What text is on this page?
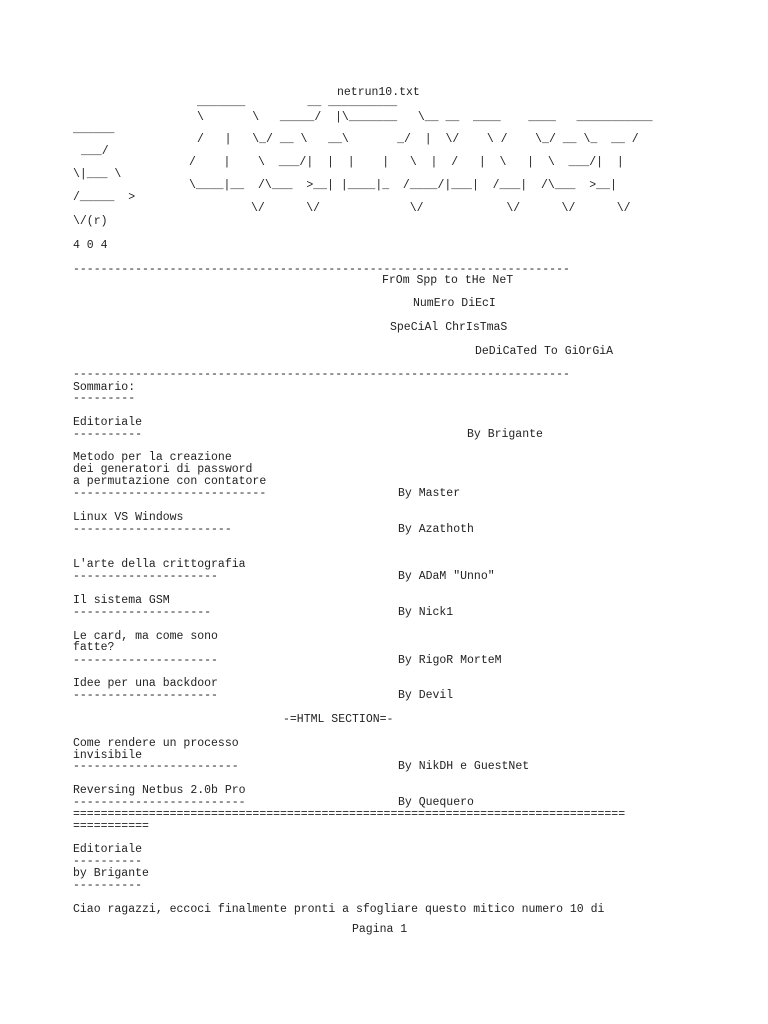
netrun10.txt
_______         __ __________
\       \   _____/  |\_______   \__ __  ____    ____   ___________
______
/   |   \_/ __ \   __\       _/  |  \/    \ /    \_/ __ \_  __ /
___/
/    |    \  ___/|  |  |    |   \  |  /   |  \   |  \  ___/|  |
\|___ \
\____|__  /\___  >__| |____|_  /____/|___|  /___|  /\___  >__|
/_____  >
\/      \/             \/            \/      \/      \/
\/(r)
4 0 4
------------------------------------------------------------------------
FrOm Spp to tHe NeT
NumEro DiEcI
SpeCiAl ChrIsTmaS
DeDiCaTed To GiOrGiA
------------------------------------------------------------------------
Sommario:
---------
Editoriale
----------	By Brigante
Metodo per la creazione
dei generatori di password
a permutazione con contatore
----------------------------	By Master
Linux VS Windows
-----------------------	By Azathoth
L'arte della crittografia
---------------------	By ADaM "Unno"
Il sistema GSM
--------------------	By Nick1
Le card, ma come sono
fatte?
---------------------	By RigoR MorteM
Idee per una backdoor
---------------------	By Devil
-=HTML SECTION=-
Come rendere un processo
invisibile
------------------------	By NikDH e GuestNet
Reversing Netbus 2.0b Pro
-------------------------	By Quequero
================================================================================
===========
Editoriale
----------
by Brigante
----------
Ciao ragazzi, eccoci finalmente pronti a sfogliare questo mitico numero 10 di
Pagina 1
